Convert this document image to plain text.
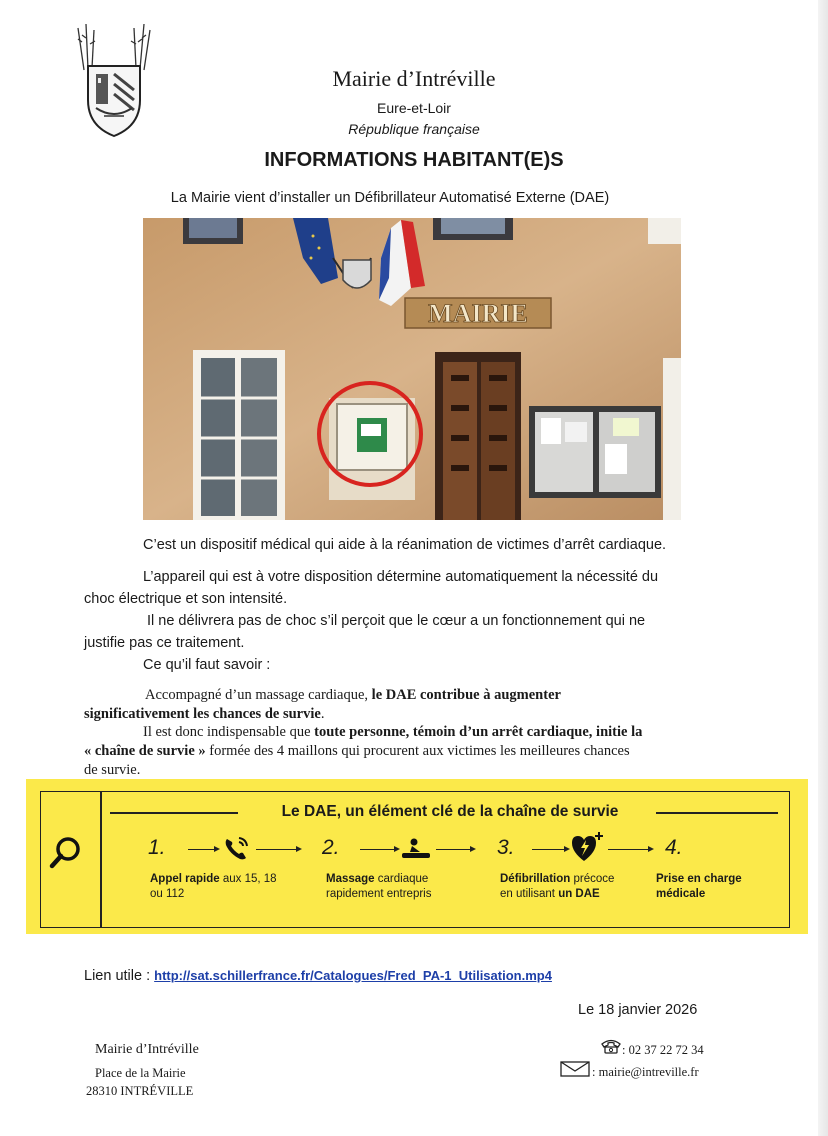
Mairie d’Intréville
Eure-et-Loir
République française
INFORMATIONS HABITANT(E)S
La Mairie vient d’installer un Défibrillateur Automatisé Externe (DAE)
MAIRIE
C’est un dispositif médical qui aide à la réanimation de victimes d’arrêt cardiaque.
L’appareil qui est à votre disposition détermine automatiquement la nécessité du
choc électrique et son intensité.
Il ne délivrera pas de choc s’il perçoit que le cœur a un fonctionnement qui ne
justifie pas ce traitement.
Ce qu’il faut savoir :
Accompagné d’un massage cardiaque, le DAE contribue à augmenter
significativement les chances de survie.
Il est donc indispensable que toute personne, témoin d’un arrêt cardiaque, initie la
« chaîne de survie » formée des 4 maillons qui procurent aux victimes les meilleures chances
de survie.
Le DAE, un élément clé de la chaîne de survie
1.
Appel rapide aux 15, 18
ou 112
2.
Massage cardiaque
rapidement entrepris
3.
Défibrillation précoce
en utilisant un DAE
4.
Prise en charge
médicale
Lien utile : http://sat.schillerfrance.fr/Catalogues/Fred_PA-1_Utilisation.mp4
Le 18 janvier 2026
Mairie d’Intréville
Place de la Mairie
28310 INTRÉVILLE
: 02 37 22 72 34
: mairie@intreville.fr
